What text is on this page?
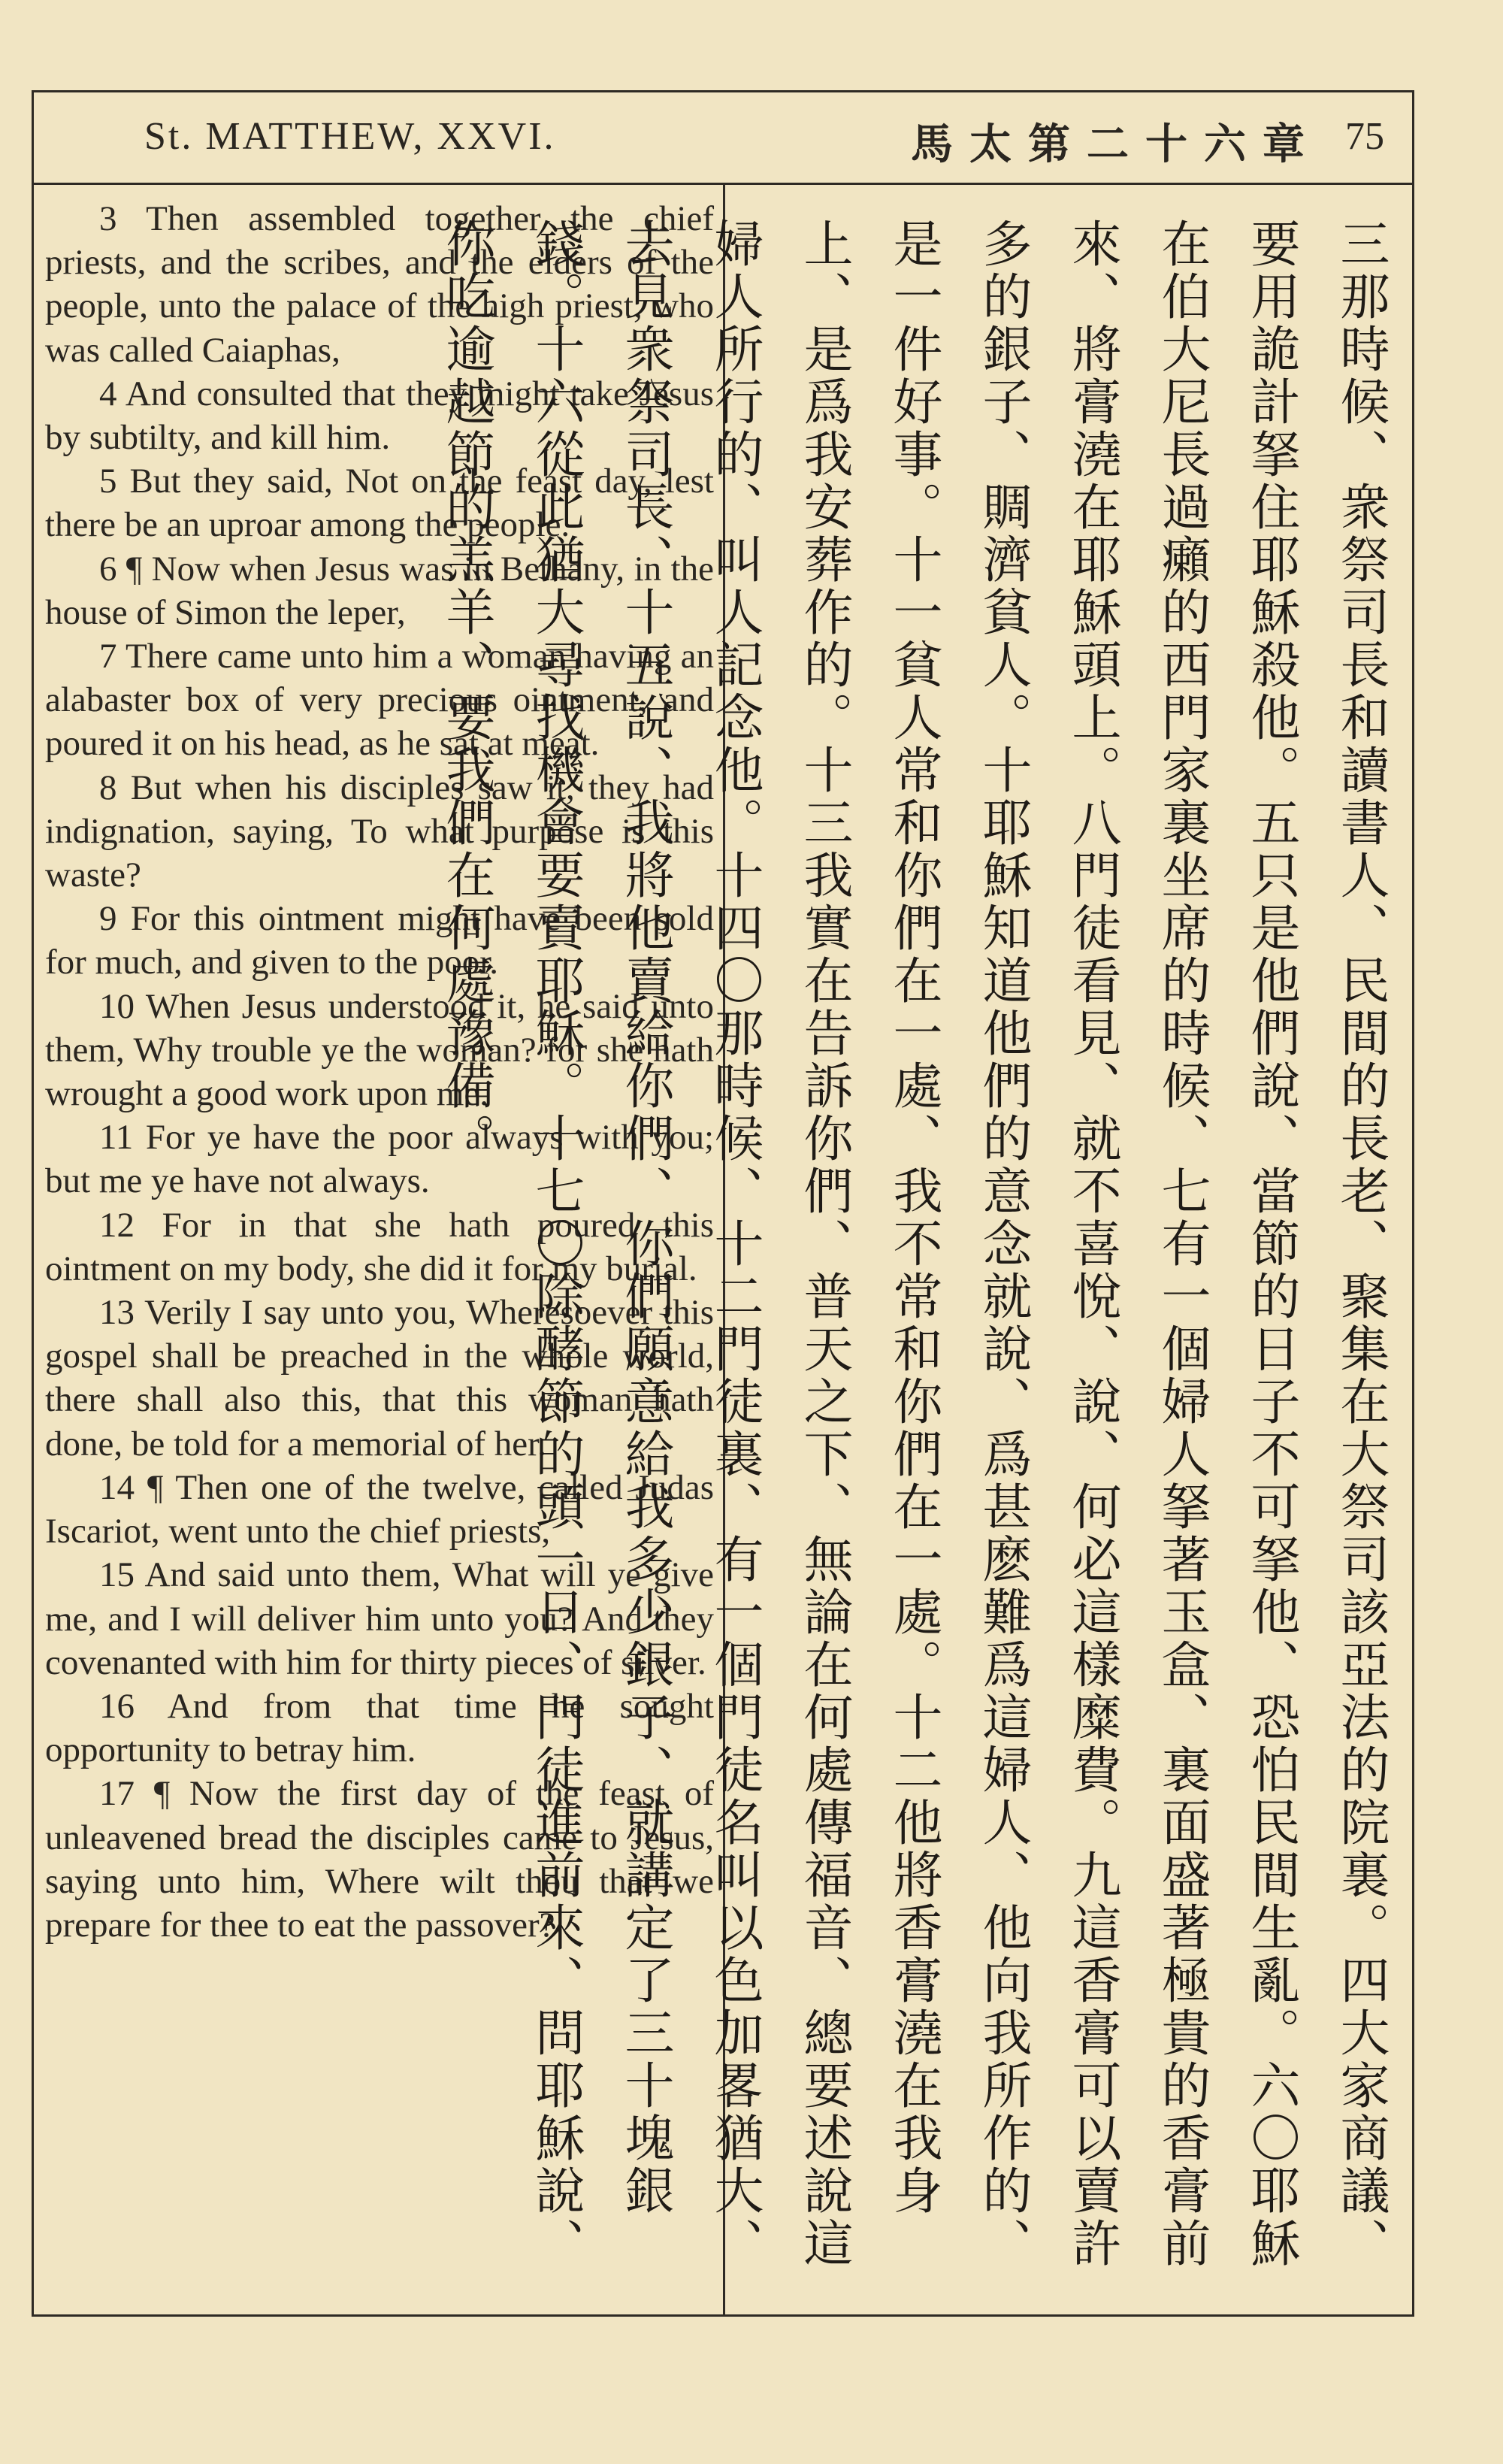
St. MATTHEW, XXVI.	馬太第二十六章 75

3 Then assembled together the chief priests, and the scribes, and the elders of the people, unto the palace of the high priest, who was called Caiaphas,

4 And consulted that they might take Jesus by subtilty, and kill him.

5 But they said, Not on the feast day, lest there be an uproar among the people.

6 ¶ Now when Jesus was in Bethany, in the house of Simon the leper,

7 There came unto him a woman having an alabaster box of very precious ointment, and poured it on his head, as he sat at meat.

8 But when his disciples saw it, they had indignation, saying, To what purpose is this waste?

9 For this ointment might have been sold for much, and given to the poor.

10 When Jesus understood it, he said unto them, Why trouble ye the woman? for she hath wrought a good work upon me.

11 For ye have the poor always with you; but me ye have not always.

12 For in that she hath poured this ointment on my body, she did it for my burial.

13 Verily I say unto you, Wheresoever this gospel shall be preached in the whole world, there shall also this, that this woman hath done, be told for a memorial of her.

14 ¶ Then one of the twelve, called Judas Iscariot, went unto the chief priests,

15 And said unto them, What will ye give me, and I will deliver him unto you? And they covenanted with him for thirty pieces of silver.

16 And from that time he sought opportunity to betray him.

17 ¶ Now the first day of the feast of unleavened bread the disciples came to Jesus, saying unto him, Where wilt thou that we prepare for thee to eat the passover?	三那時候、衆祭司長和讀書人、民間的長老、聚集在大祭司該亞法的院裏。四大家商議、要用詭計拏住耶穌殺他。五只是他們說、當節的日子不可拏他、恐怕民間生亂。六〇耶穌在伯大尼長過癩的西門家裏坐席的時候、七有一個婦人拏著玉盒、裏面盛著極貴的香膏前來、將膏澆在耶穌頭上。八門徒看見、就不喜悅、說、何必這樣糜費。九這香膏可以賣許多的銀子、賙濟貧人。十耶穌知道他們的意念就說、爲甚麽難爲這婦人、他向我所作的、是一件好事。十一貧人常和你們在一處、我不常和你們在一處。十二他將香膏澆在我身上、是爲我安葬作的。十三我實在告訴你們、普天之下、無論在何處傳福音、總要述說這婦人所行的、叫人記念他。十四〇那時候、十二門徒裏、有一個門徒名叫以色加畧猶大、去見衆祭司長、十五說、我將他賣給你們、你們願意給我多少銀子、就講定了三十塊銀錢。十六從此猶大尋找機會要賣耶穌。十七〇除酵節的頭一日、門徒進前來、問耶穌說、你吃逾越節的羔羊、要我們在何處豫備。
